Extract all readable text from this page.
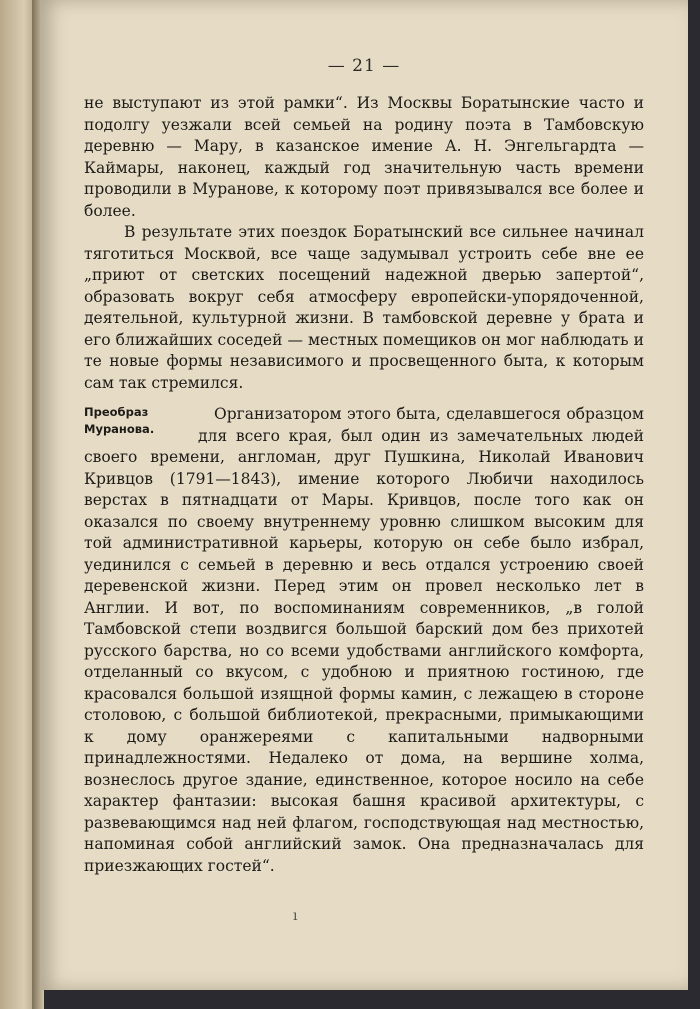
— 21 —

не выступают из этой рамки“. Из Москвы Боратынские часто и подолгу уезжали всей семьей на родину поэта в Тамбовскую деревню — Мару, в казанское имение А. Н. Энгельгардта — Каймары, наконец, каждый год значительную часть времени проводили в Муранове, к которому поэт привязывался все более и более.

В результате этих поездок Боратынский все сильнее начинал тяготиться Москвой, все чаще задумывал устроить себе вне ее „приют от светских посещений надежной дверью запертой“, образовать вокруг себя атмосферу европейски-упорядоченной, деятельной, культурной жизни. В тамбовской деревне у брата и его ближайших соседей — местных помещиков он мог наблюдать и те новые формы независимого и просвещенного быта, к которым сам так стремился.

Преобраз Муранова.

Организатором этого быта, сделавшегося образцом для всего края, был один из замечательных людей своего времени, англоман, друг Пушкина, Николай Иванович Кривцов (1791—1843), имение которого Любичи находилось верстах в пятнадцати от Мары. Кривцов, после того как он оказался по своему внутреннему уровню слишком высоким для той административной карьеры, которую он себе было избрал, уединился с семьей в деревню и весь отдался устроению своей деревенской жизни. Перед этим он провел несколько лет в Англии. И вот, по воспоминаниям современников, „в голой Тамбовской степи воздвигся большой барский дом без прихотей русского барства, но со всеми удобствами английского комфорта, отделанный со вкусом, с удобною и приятною гостиною, где красовался большой изящной формы камин, с лежащею в стороне столовою, с большой библиотекой, прекрасными, примыкающими к дому оранжереями с капитальными надворными принадлежностями. Недалеко от дома, на вершине холма, вознеслось другое здание, единственное, которое носило на себе характер фантазии: высокая башня красивой архитектуры, с развевающимся над ней флагом, господствующая над местностью, напоминая собой английский замок. Она предназначалась для приезжающих гостей“.

ı
